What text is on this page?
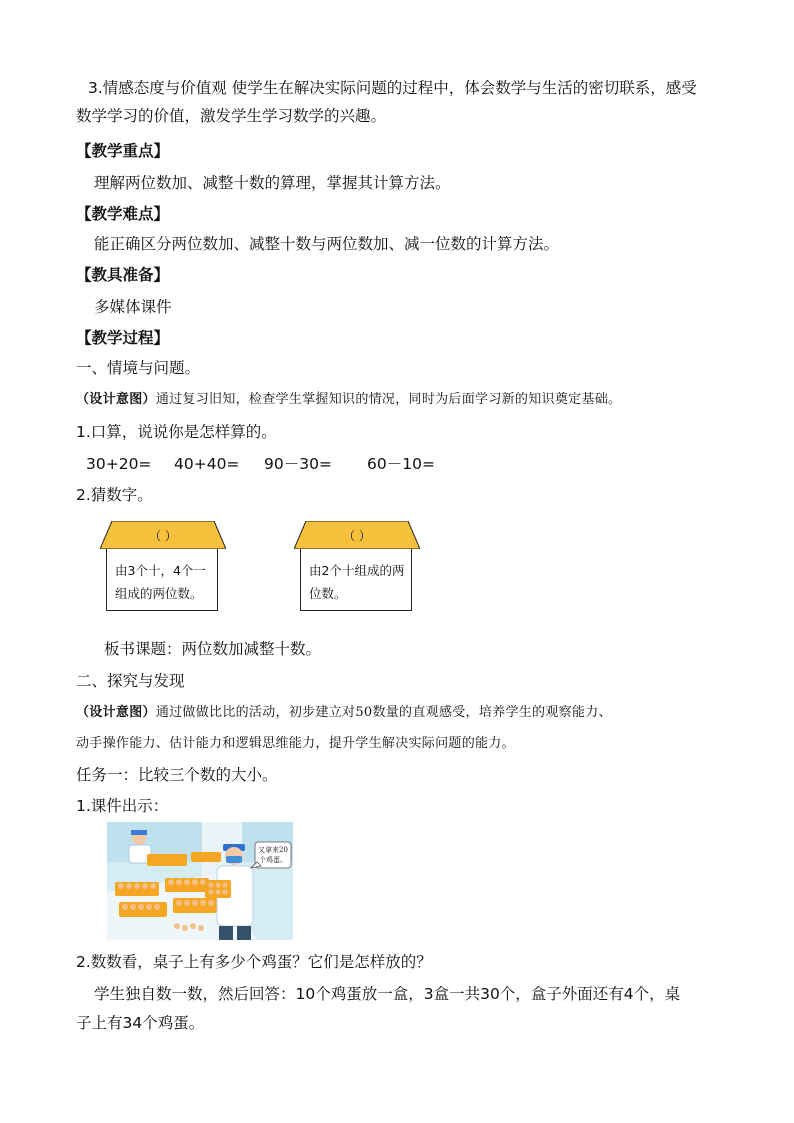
3.情感态度与价值观 使学生在解决实际问题的过程中，体会数学与生活的密切联系，感受
数学学习的价值，激发学生学习数学的兴趣。
【教学重点】
理解两位数加、减整十数的算理，掌握其计算方法。
【教学难点】
能正确区分两位数加、减整十数与两位数加、减一位数的计算方法。
【教具准备】
多媒体课件
【教学过程】
一、情境与问题。
（设计意图）通过复习旧知，检查学生掌握知识的情况，同时为后面学习新的知识奠定基础。
1.口算，说说你是怎样算的。
30+20= 40+40= 90－30= 60－10=
2.猜数字。
（ ）
由3个十，4个一
组成的两位数。
（ ）
由2个十组成的两
位数。
板书课题：两位数加减整十数。
二、探究与发现
（设计意图）通过做做比比的活动，初步建立对50数量的直观感受，培养学生的观察能力、
动手操作能力、估计能力和逻辑思维能力，提升学生解决实际问题的能力。
任务一：比较三个数的大小。
1.课件出示：
又拿来20
个鸡蛋。
2.数数看，桌子上有多少个鸡蛋？它们是怎样放的？
学生独自数一数，然后回答：10个鸡蛋放一盒，3盒一共30个，盒子外面还有4个，桌
子上有34个鸡蛋。
